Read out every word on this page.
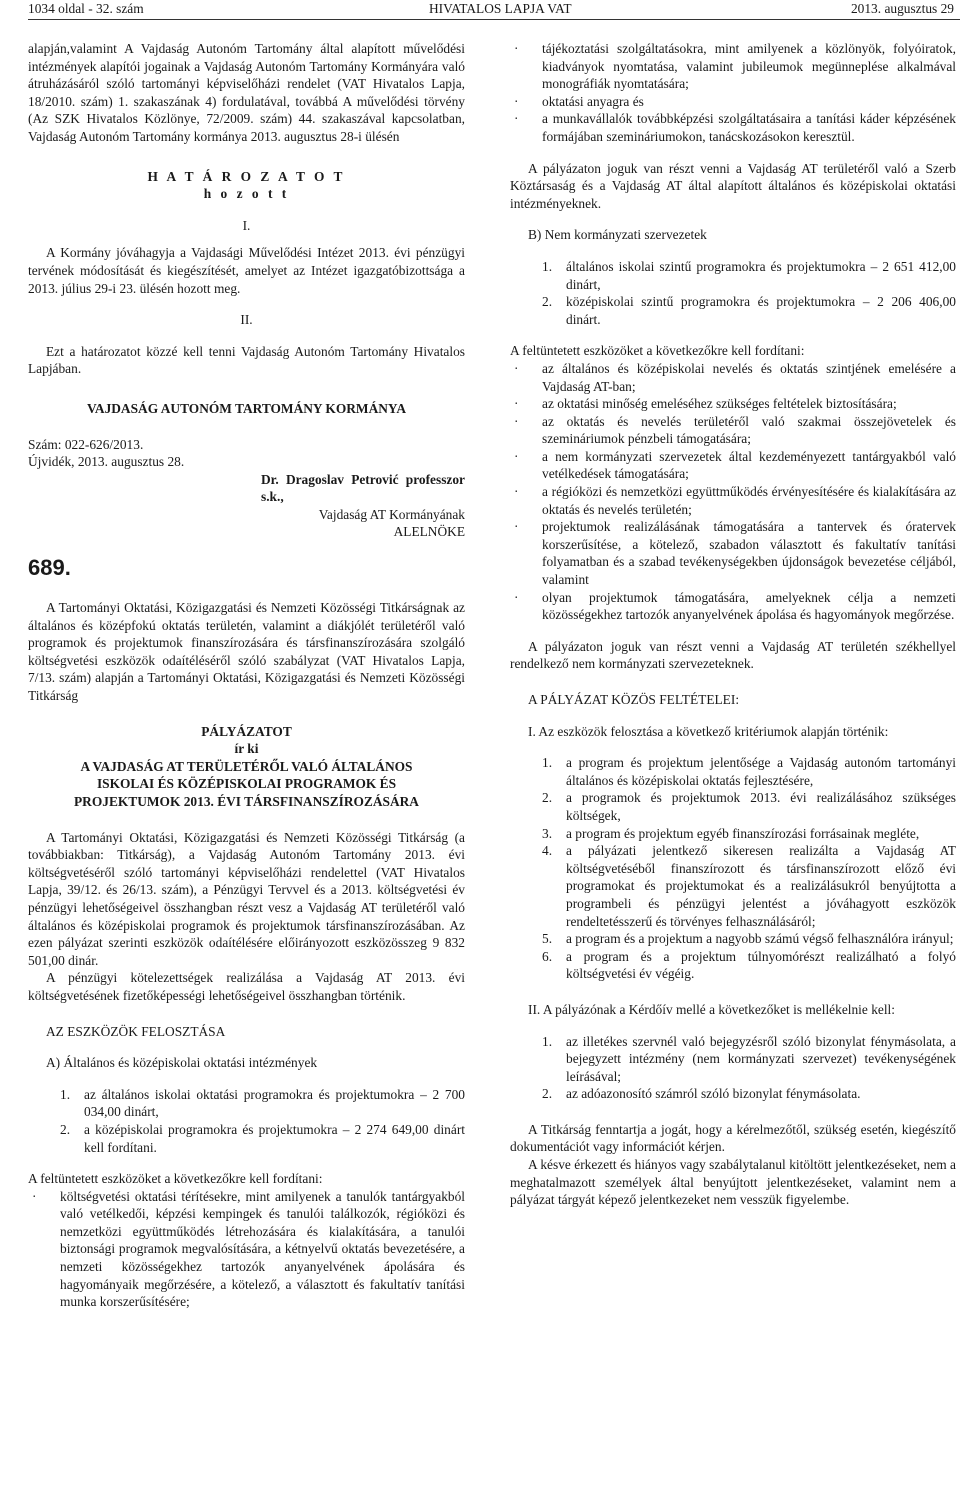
1034 oldal - 32. szám	HIVATALOS LAPJA VAT	2013. augusztus 29

alapján,valamint A Vajdaság Autonóm Tartomány által alapított művelődési intézmények alapítói jogainak a Vajdaság Autonóm Tartomány Kormányára való átruházásáról szóló tartományi képviselőházi rendelet (VAT Hivatalos Lapja, 18/2010. szám) 1. szakaszának 4) fordulatával, továbbá A művelődési törvény (Az SZK Hivatalos Közlönye, 72/2009. szám) 44. szakaszával kapcsolatban, Vajdaság Autonóm Tartomány kormánya 2013. augusztus 28-i ülésén

H A T Á R O Z A T O T

h o z o t t

I.

A Kormány jóváhagyja a Vajdasági Művelődési Intézet 2013. évi pénzügyi tervének módosítását és kiegészítését, amelyet az Intézet igazgatóbizottsága a 2013. július 29-i 23. ülésén hozott meg.

II.

Ezt a határozatot közzé kell tenni Vajdaság Autonóm Tartomány Hivatalos Lapjában.

VAJDASÁG AUTONÓM TARTOMÁNY KORMÁNYA

Szám: 022-626/2013.

Újvidék, 2013. augusztus 28.

Dr. Dragoslav Petrović professzor s.k.,

Vajdaság AT Kormányának

ALELNÖKE

689.

A Tartományi Oktatási, Közigazgatási és Nemzeti Közösségi Titkárságnak az általános és középfokú oktatás területén, valamint a diákjólét területéről való programok és projektumok finanszírozására és társfinanszírozására szolgáló költségvetési eszközök odaítéléséről szóló szabályzat (VAT Hivatalos Lapja, 7/13. szám) alapján a Tartományi Oktatási, Közigazgatási és Nemzeti Közösségi Titkárság

PÁLYÁZATOT

ír ki

A VAJDASÁG AT TERÜLETÉRŐL VALÓ ÁLTALÁNOS

ISKOLAI ÉS KÖZÉPISKOLAI PROGRAMOK ÉS

PROJEKTUMOK 2013. ÉVI TÁRSFINANSZÍROZÁSÁRA

A Tartományi Oktatási, Közigazgatási és Nemzeti Közösségi Titkárság (a továbbiakban: Titkárság), a Vajdaság Autonóm Tartomány 2013. évi költségvetéséről szóló tartományi képviselőházi rendelettel (VAT Hivatalos Lapja, 39/12. és 26/13. szám), a Pénzügyi Tervvel és a 2013. költségvetési év pénzügyi lehetőségeivel összhangban részt vesz a Vajdaság AT területéről való általános és középiskolai programok és projektumok társfinanszírozásában. Az ezen pályázat szerinti eszközök odaítélésére előirányozott eszközösszeg 9 832 501,00 dinár.

A pénzügyi kötelezettségek realizálása a Vajdaság AT 2013. évi költségvetésének fizetőképességi lehetőségeivel összhangban történik.

AZ ESZKÖZÖK FELOSZTÁSA

A) Általános és középiskolai oktatási intézmények

1. az általános iskolai oktatási programokra és projektumokra – 2 700 034,00 dinárt,
2. a középiskolai programokra és projektumokra – 2 274 649,00 dinárt kell fordítani.

A feltüntetett eszközöket a következőkre kell fordítani:

· költségvetési oktatási térítésekre, mint amilyenek a tanulók tantárgyakból való vetélkedői, képzési kempingek és tanulói találkozók, régióközi és nemzetközi együttműködés létrehozására és kialakítására, a tanulói biztonsági programok megvalósítására, a kétnyelvű oktatás bevezetésére, a nemzeti közösségekhez tartozók anyanyelvének ápolására és hagyományaik megőrzésére, a kötelező, a választott és fakultatív tanítási munka korszerűsítésére;
· tájékoztatási szolgáltatásokra, mint amilyenek a közlönyök, folyóiratok, kiadványok nyomtatása, valamint jubileumok megünneplése alkalmával monográfiák nyomtatására;
· oktatási anyagra és
· a munkavállalók továbbképzési szolgáltatásaira a tanítási káder képzésének formájában szemináriumokon, tanácskozásokon keresztül.

A pályázaton joguk van részt venni a Vajdaság AT területéről való a Szerb Köztársaság és a Vajdaság AT által alapított általános és középiskolai oktatási intézményeknek.

B) Nem kormányzati szervezetek

1. általános iskolai szintű programokra és projektumokra – 2 651 412,00 dinárt,
2. középiskolai szintű programokra és projektumokra – 2 206 406,00 dinárt.

A feltüntetett eszközöket a következőkre kell fordítani:

· az általános és középiskolai nevelés és oktatás szintjének emelésére a Vajdaság AT-ban;
· az oktatási minőség emeléséhez szükséges feltételek biztosítására;
· az oktatás és nevelés területéről való szakmai összejövetelek és szemináriumok pénzbeli támogatására;
· a nem kormányzati szervezetek által kezdeményezett tantárgyakból való vetélkedések támogatására;
· a régióközi és nemzetközi együttműködés érvényesítésére és kialakítására az oktatás és nevelés területén;
· projektumok realizálásának támogatására a tantervek és óratervek korszerűsítése, a kötelező, szabadon választott és fakultatív tanítási folyamatban és a szabad tevékenységekben újdonságok bevezetése céljából, valamint
· olyan projektumok támogatására, amelyeknek célja a nemzeti közösségekhez tartozók anyanyelvének ápolása és hagyományok megőrzése.

A pályázaton joguk van részt venni a Vajdaság AT területén székhellyel rendelkező nem kormányzati szervezeteknek.

A PÁLYÁZAT KÖZÖS FELTÉTELEI:

I. Az eszközök felosztása a következő kritériumok alapján történik:

1. a program és projektum jelentősége a Vajdaság autonóm tartományi általános és középiskolai oktatás fejlesztésére,
2. a programok és projektumok 2013. évi realizálásához szükséges költségek,
3. a program és projektum egyéb finanszírozási forrásainak megléte,
4. a pályázati jelentkező sikeresen realizálta a Vajdaság AT költségvetéséből finanszírozott és társfinanszírozott előző évi programokat és projektumokat és a realizálásukról benyújtotta a programbeli és pénzügyi jelentést a jóváhagyott eszközök rendeltetésszerű és törvényes felhasználásáról;
5. a program és a projektum a nagyobb számú végső felhasználóra irányul;
6. a program és a projektum túlnyomórészt realizálható a folyó költségvetési év végéig.

II. A pályázónak a Kérdőív mellé a következőket is mellékelnie kell:

1. az illetékes szervnél való bejegyzésről szóló bizonylat fénymásolata, a bejegyzett intézmény (nem kormányzati szervezet) tevékenységének leírásával;
2. az adóazonosító számról szóló bizonylat fénymásolata.

A Titkárság fenntartja a jogát, hogy a kérelmezőtől, szükség esetén, kiegészítő dokumentációt vagy információt kérjen.

A késve érkezett és hiányos vagy szabálytalanul kitöltött jelentkezéseket, nem a meghatalmazott személyek által benyújtott jelentkezéseket, valamint nem a pályázat tárgyát képező jelentkezeket nem vesszük figyelembe.
